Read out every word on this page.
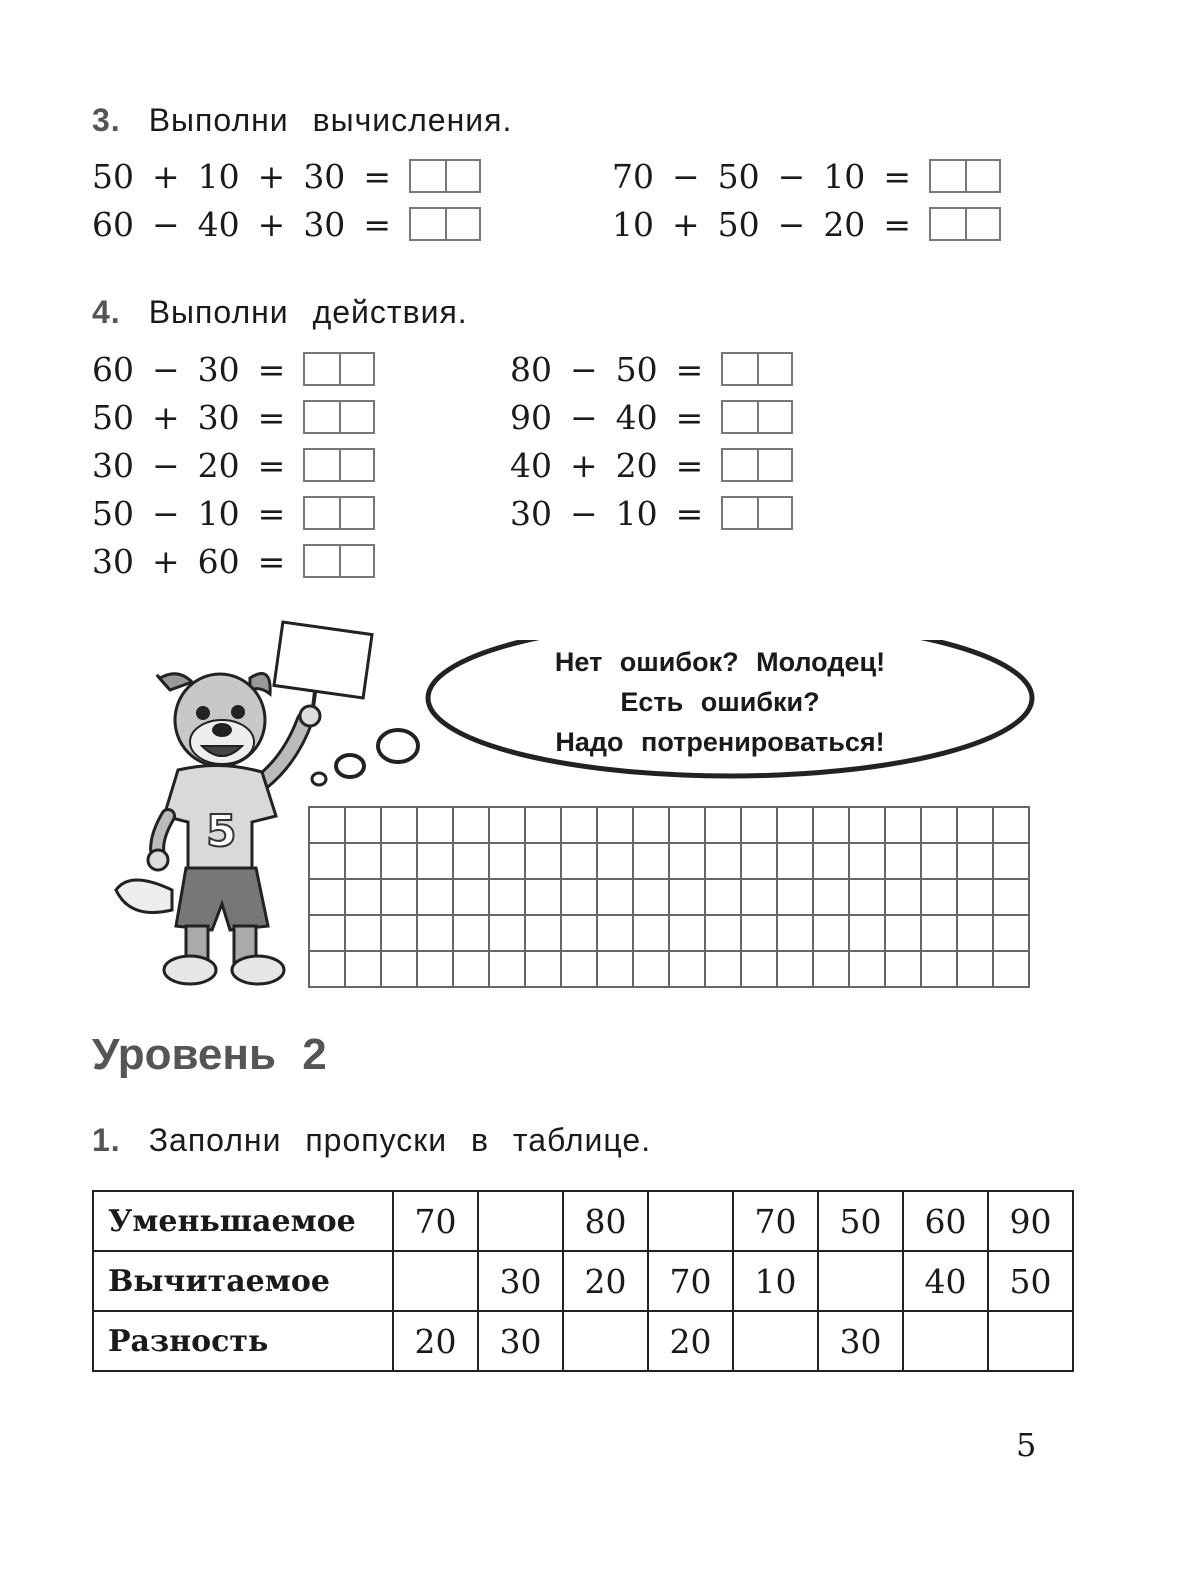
3. Выполни вычисления.
50 + 10 + 30 =
60 − 40 + 30 =
70 − 50 − 10 =
10 + 50 − 20 =
4. Выполни действия.
60 − 30 =
50 + 30 =
30 − 20 =
50 − 10 =
30 + 60 =
80 − 50 =
90 − 40 =
40 + 20 =
30 − 10 =
5
Нет ошибок? Молодец!
Есть ошибки?
Надо потренироваться!
Уровень 2
1. Заполни пропуски в таблице.
Уменьшаемое	70		80		70	50	60	90
Вычитаемое		30	20	70	10		40	50
Разность	20	30		20		30		
5
